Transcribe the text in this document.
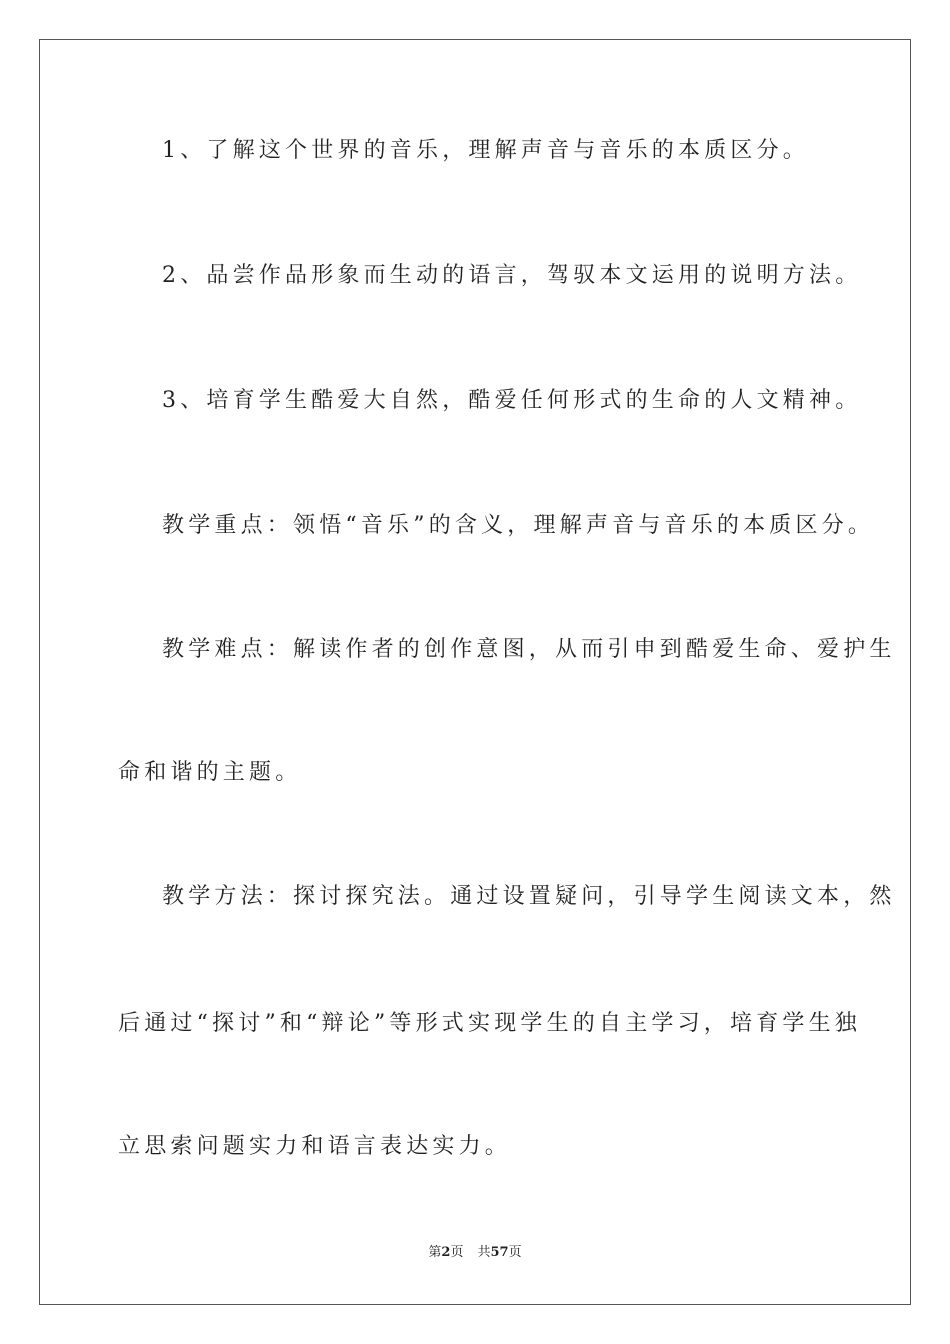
1、了解这个世界的音乐，理解声音与音乐的本质区分。
2、品尝作品形象而生动的语言，驾驭本文运用的说明方法。
3、培育学生酷爱大自然，酷爱任何形式的生命的人文精神。
教学重点：领悟“音乐”的含义，理解声音与音乐的本质区分。
教学难点：解读作者的创作意图，从而引申到酷爱生命、爱护生
命和谐的主题。
教学方法：探讨探究法。通过设置疑问，引导学生阅读文本，然
后通过“探讨”和“辩论”等形式实现学生的自主学习，培育学生独
立思索问题实力和语言表达实力。
第2页 共57页
